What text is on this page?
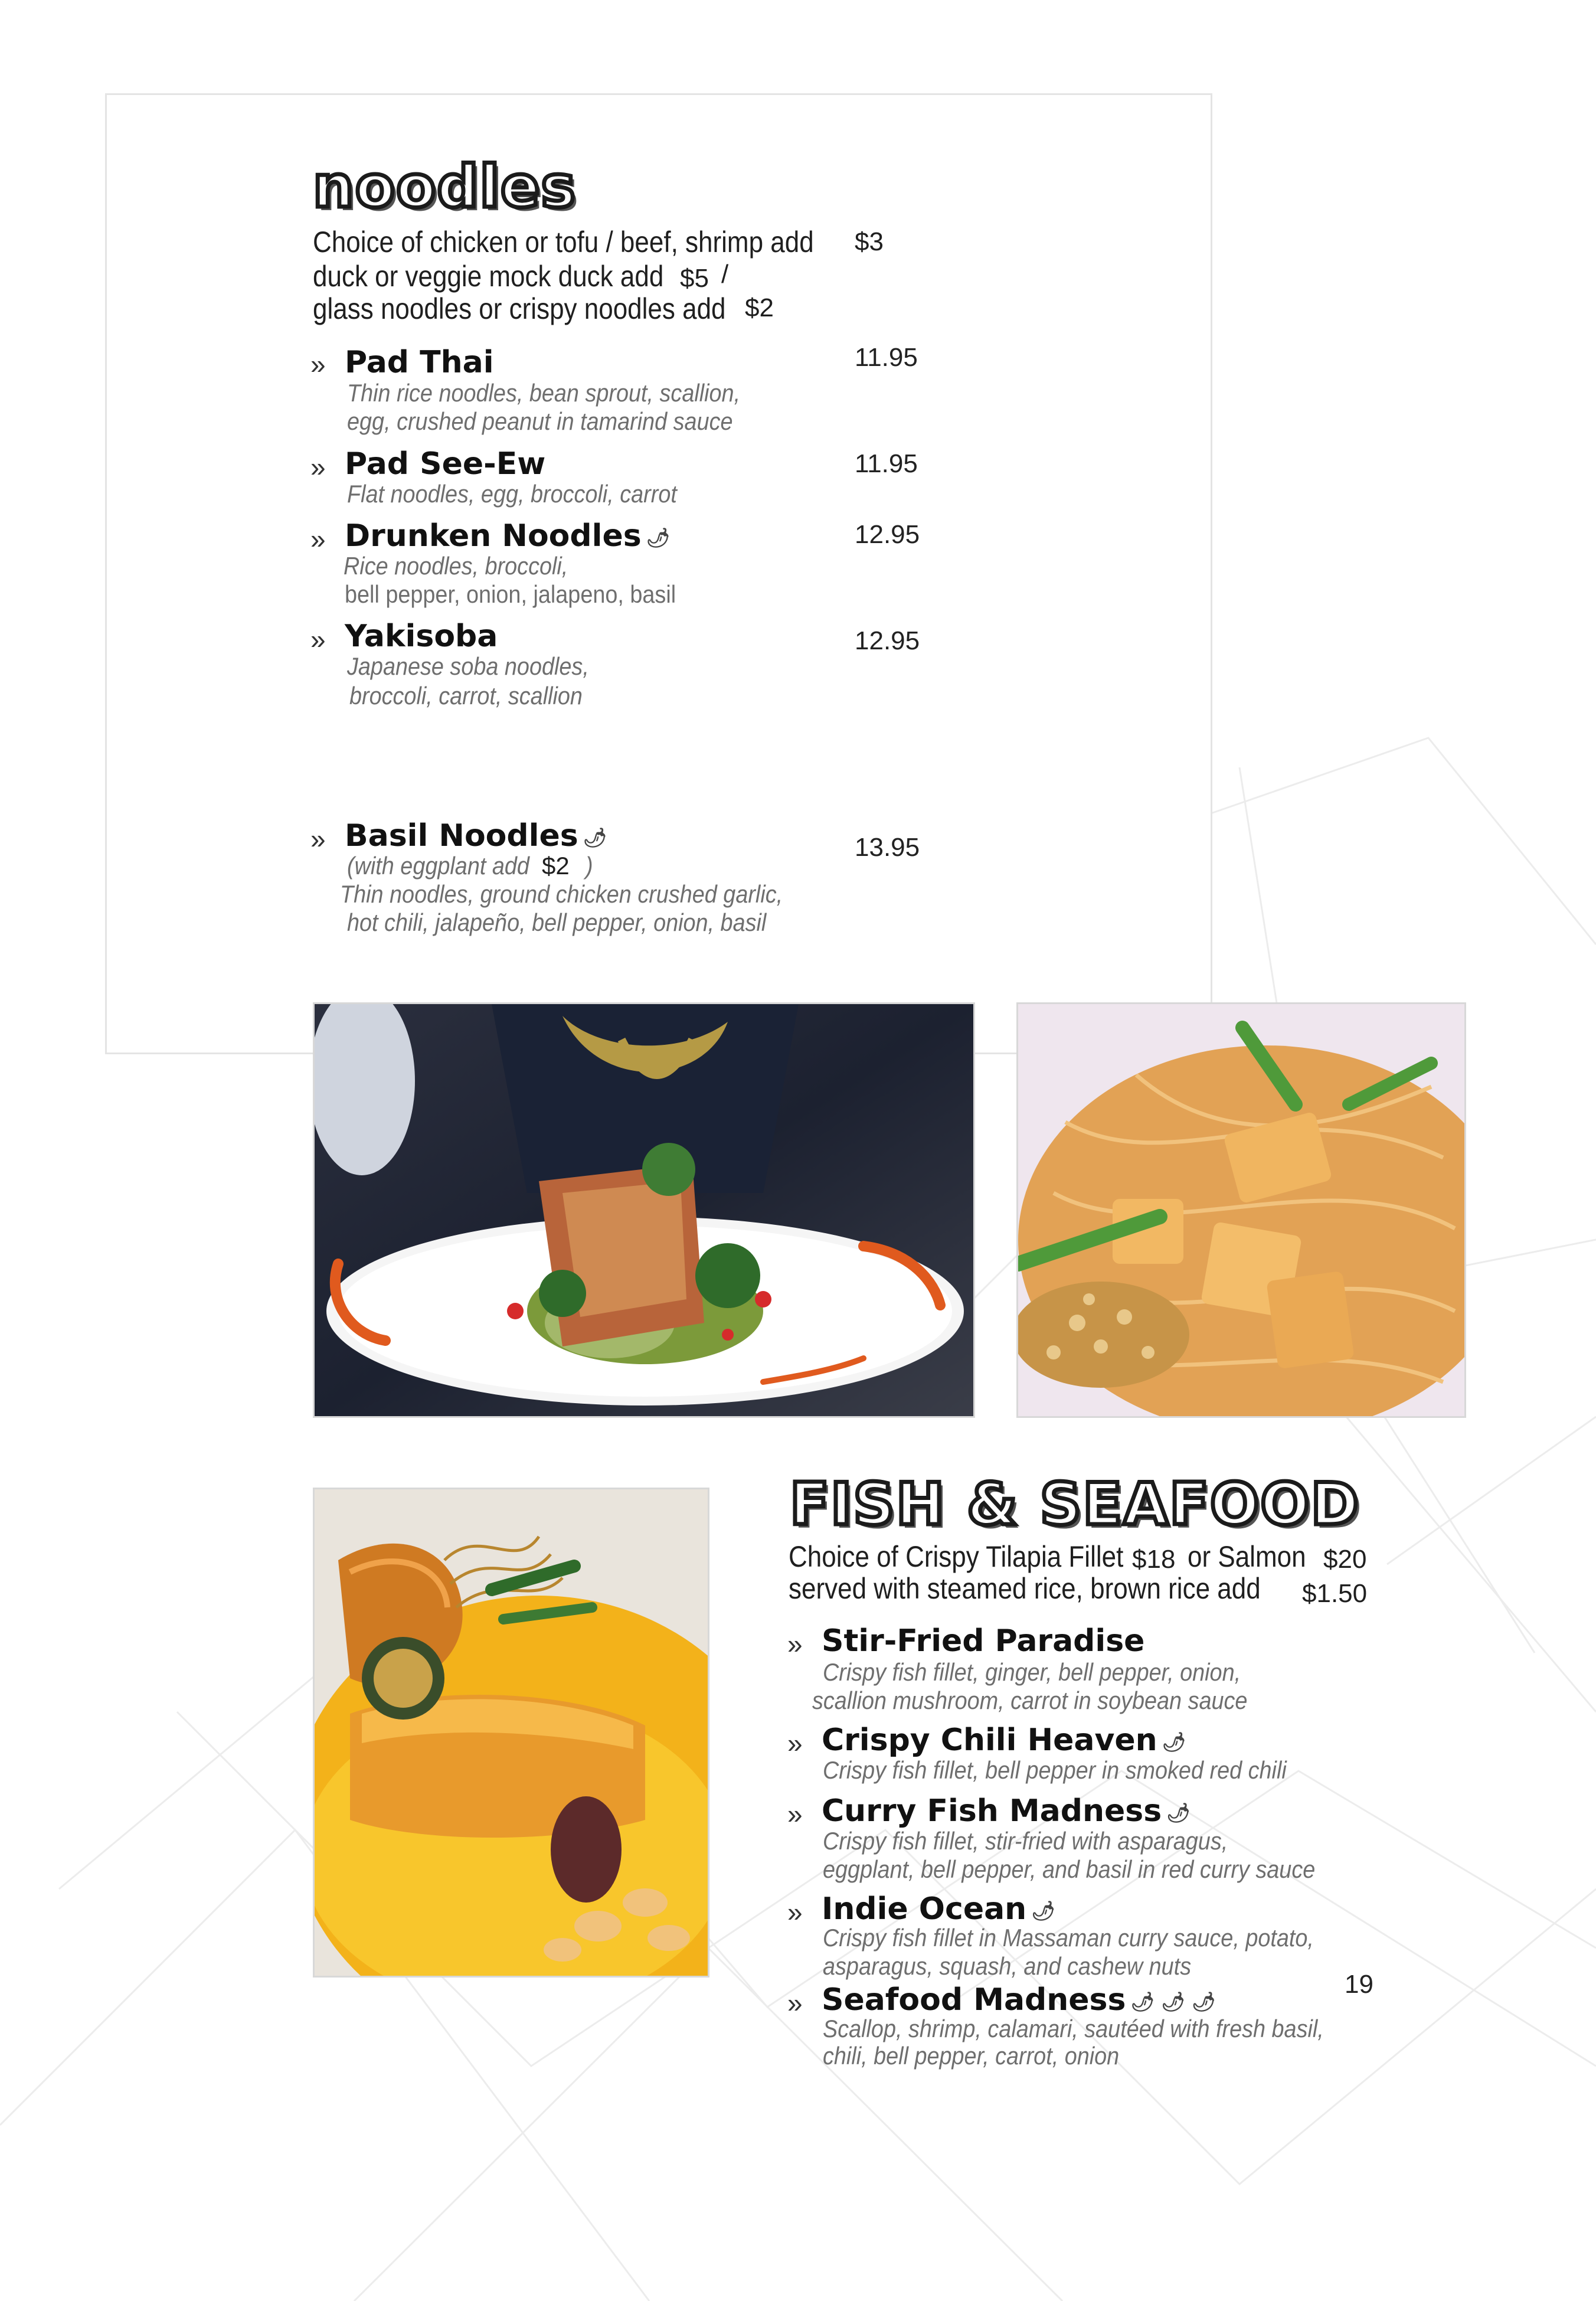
noodles
Choice of chicken or tofu / beef, shrimp add $3
duck or veggie mock duck add $5 /
glass noodles or crispy noodles add $2
» Pad Thai	11.95
Thin rice noodles, bean sprout, scallion,
egg, crushed peanut in tamarind sauce
» Pad See-Ew	11.95
Flat noodles, egg, broccoli, carrot
» Drunken Noodles 🌶	12.95
Rice noodles, broccoli,
bell pepper, onion, jalapeno, basil
» Yakisoba	12.95
Japanese soba noodles,
broccoli, carrot, scallion
» Basil Noodles 🌶	13.95
(with eggplant add $2 )
Thin noodles, ground chicken crushed garlic,
hot chili, jalapeño, bell pepper, onion, basil
FISH & SEAFOOD
Choice of Crispy Tilapia Fillet $18 or Salmon $20
served with steamed rice, brown rice add $1.50
» Stir-Fried Paradise
Crispy fish fillet, ginger, bell pepper, onion,
scallion mushroom, carrot in soybean sauce
» Crispy Chili Heaven 🌶
Crispy fish fillet, bell pepper in smoked red chili
» Curry Fish Madness 🌶
Crispy fish fillet, stir-fried with asparagus,
eggplant, bell pepper, and basil in red curry sauce
» Indie Ocean 🌶
Crispy fish fillet in Massaman curry sauce, potato,
asparagus, squash, and cashew nuts
» Seafood Madness 🌶 🌶 🌶
Scallop, shrimp, calamari, sautéed with fresh basil,
chili, bell pepper, carrot, onion
19
